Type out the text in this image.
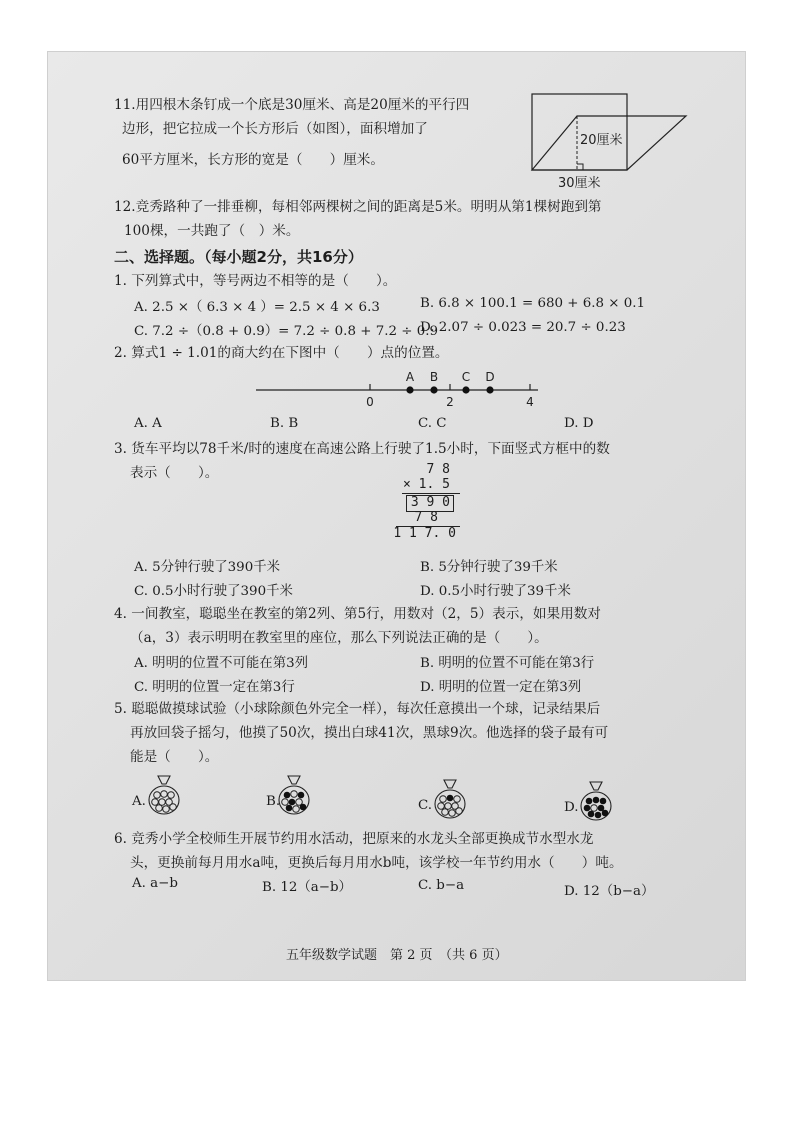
11.用四根木条钉成一个底是30厘米、高是20厘米的平行四
边形，把它拉成一个长方形后（如图），面积增加了
60平方厘米，长方形的宽是（　　）厘米。
20厘米
30厘米
12.竞秀路种了一排垂柳，每相邻两棵树之间的距离是5米。明明从第1棵树跑到第
100棵，一共跑了（　）米。
二、选择题。（每小题2分，共16分）
1. 下列算式中，等号两边不相等的是（　　）。
A. 2.5 ×（ 6.3 × 4 ）= 2.5 × 4 × 6.3	B. 6.8 × 100.1 = 680 + 6.8 × 0.1
C. 7.2 ÷（0.8 + 0.9）= 7.2 ÷ 0.8 + 7.2 ÷ 0.9
D. 2.07 ÷ 0.023 = 20.7 ÷ 0.23
2. 算式1 ÷ 1.01的商大约在下图中（　　）点的位置。
0	2	4
A B C D
A. A	B. B	C. C	D. D
3. 货车平均以78千米/时的速度在高速公路上行驶了1.5小时，下面竖式方框中的数
表示（　　）。	7 8
× 1. 5
3 9 0
7 8
1 1 7. 0
A. 5分钟行驶了390千米	B. 5分钟行驶了39千米
C. 0.5小时行驶了390千米	D. 0.5小时行驶了39千米
4. 一间教室，聪聪坐在教室的第2列、第5行，用数对（2，5）表示，如果用数对
（a，3）表示明明在教室里的座位，那么下列说法正确的是（　　）。
A. 明明的位置不可能在第3列	B. 明明的位置不可能在第3行
C. 明明的位置一定在第3行	D. 明明的位置一定在第3列
5. 聪聪做摸球试验（小球除颜色外完全一样），每次任意摸出一个球，记录结果后
再放回袋子摇匀，他摸了50次，摸出白球41次，黑球9次。他选择的袋子最有可
能是（　　）。
A.	B.	C.	D.
6. 竞秀小学全校师生开展节约用水活动，把原来的水龙头全部更换成节水型水龙
头，更换前每月用水a吨，更换后每月用水b吨，该学校一年节约用水（　　）吨。
A. a−b	B. 12（a−b）	C. b−a	D. 12（b−a）
五年级数学试题　第 2 页　（共 6 页）
